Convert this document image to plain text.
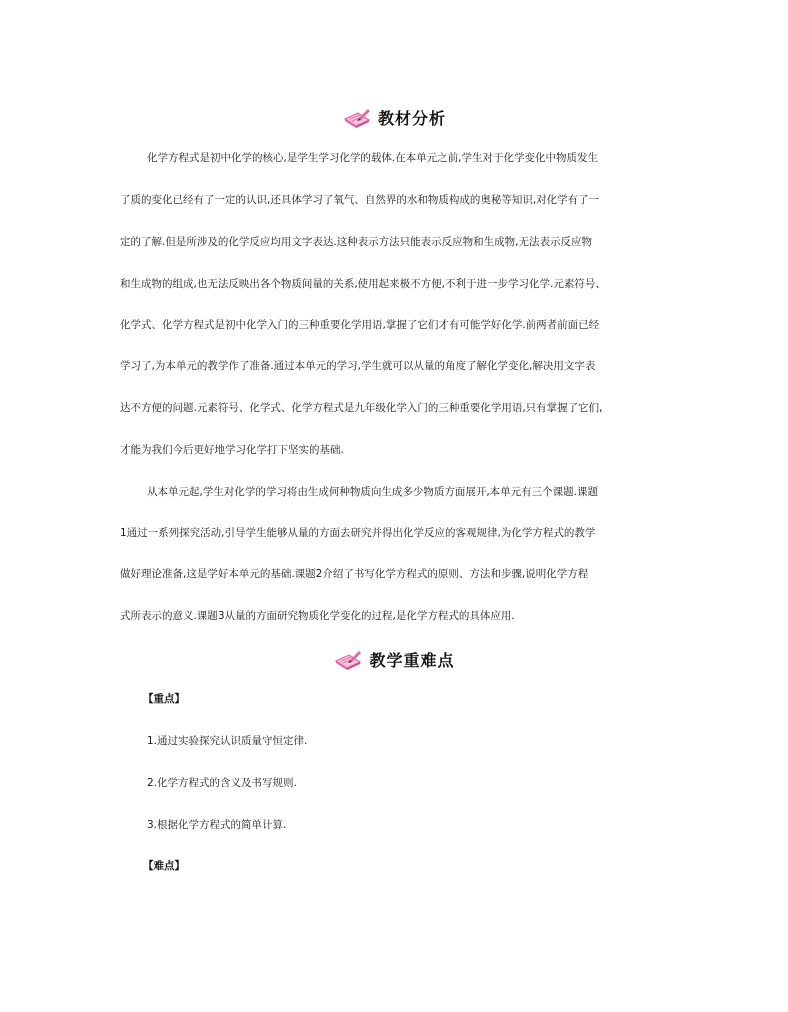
教材分析
化学方程式是初中化学的核心,是学生学习化学的载体.在本单元之前,学生对于化学变化中物质发生
了质的变化已经有了一定的认识,还具体学习了氧气、自然界的水和物质构成的奥秘等知识,对化学有了一
定的了解.但是所涉及的化学反应均用文字表达.这种表示方法只能表示反应物和生成物,无法表示反应物
和生成物的组成,也无法反映出各个物质间量的关系,使用起来极不方便,不利于进一步学习化学.元素符号、
化学式、化学方程式是初中化学入门的三种重要化学用语,掌握了它们才有可能学好化学.前两者前面已经
学习了,为本单元的教学作了准备.通过本单元的学习,学生就可以从量的角度了解化学变化,解决用文字表
达不方便的问题.元素符号、化学式、化学方程式是九年级化学入门的三种重要化学用语,只有掌握了它们,
才能为我们今后更好地学习化学打下坚实的基础.
从本单元起,学生对化学的学习将由生成何种物质向生成多少物质方面展开,本单元有三个课题.课题
1通过一系列探究活动,引导学生能够从量的方面去研究并得出化学反应的客观规律,为化学方程式的教学
做好理论准备,这是学好本单元的基础.课题2介绍了书写化学方程式的原则、方法和步骤,说明化学方程
式所表示的意义.课题3从量的方面研究物质化学变化的过程,是化学方程式的具体应用.
教学重难点
【重点】
1.通过实验探究认识质量守恒定律.
2.化学方程式的含义及书写规则.
3.根据化学方程式的简单计算.
【难点】
